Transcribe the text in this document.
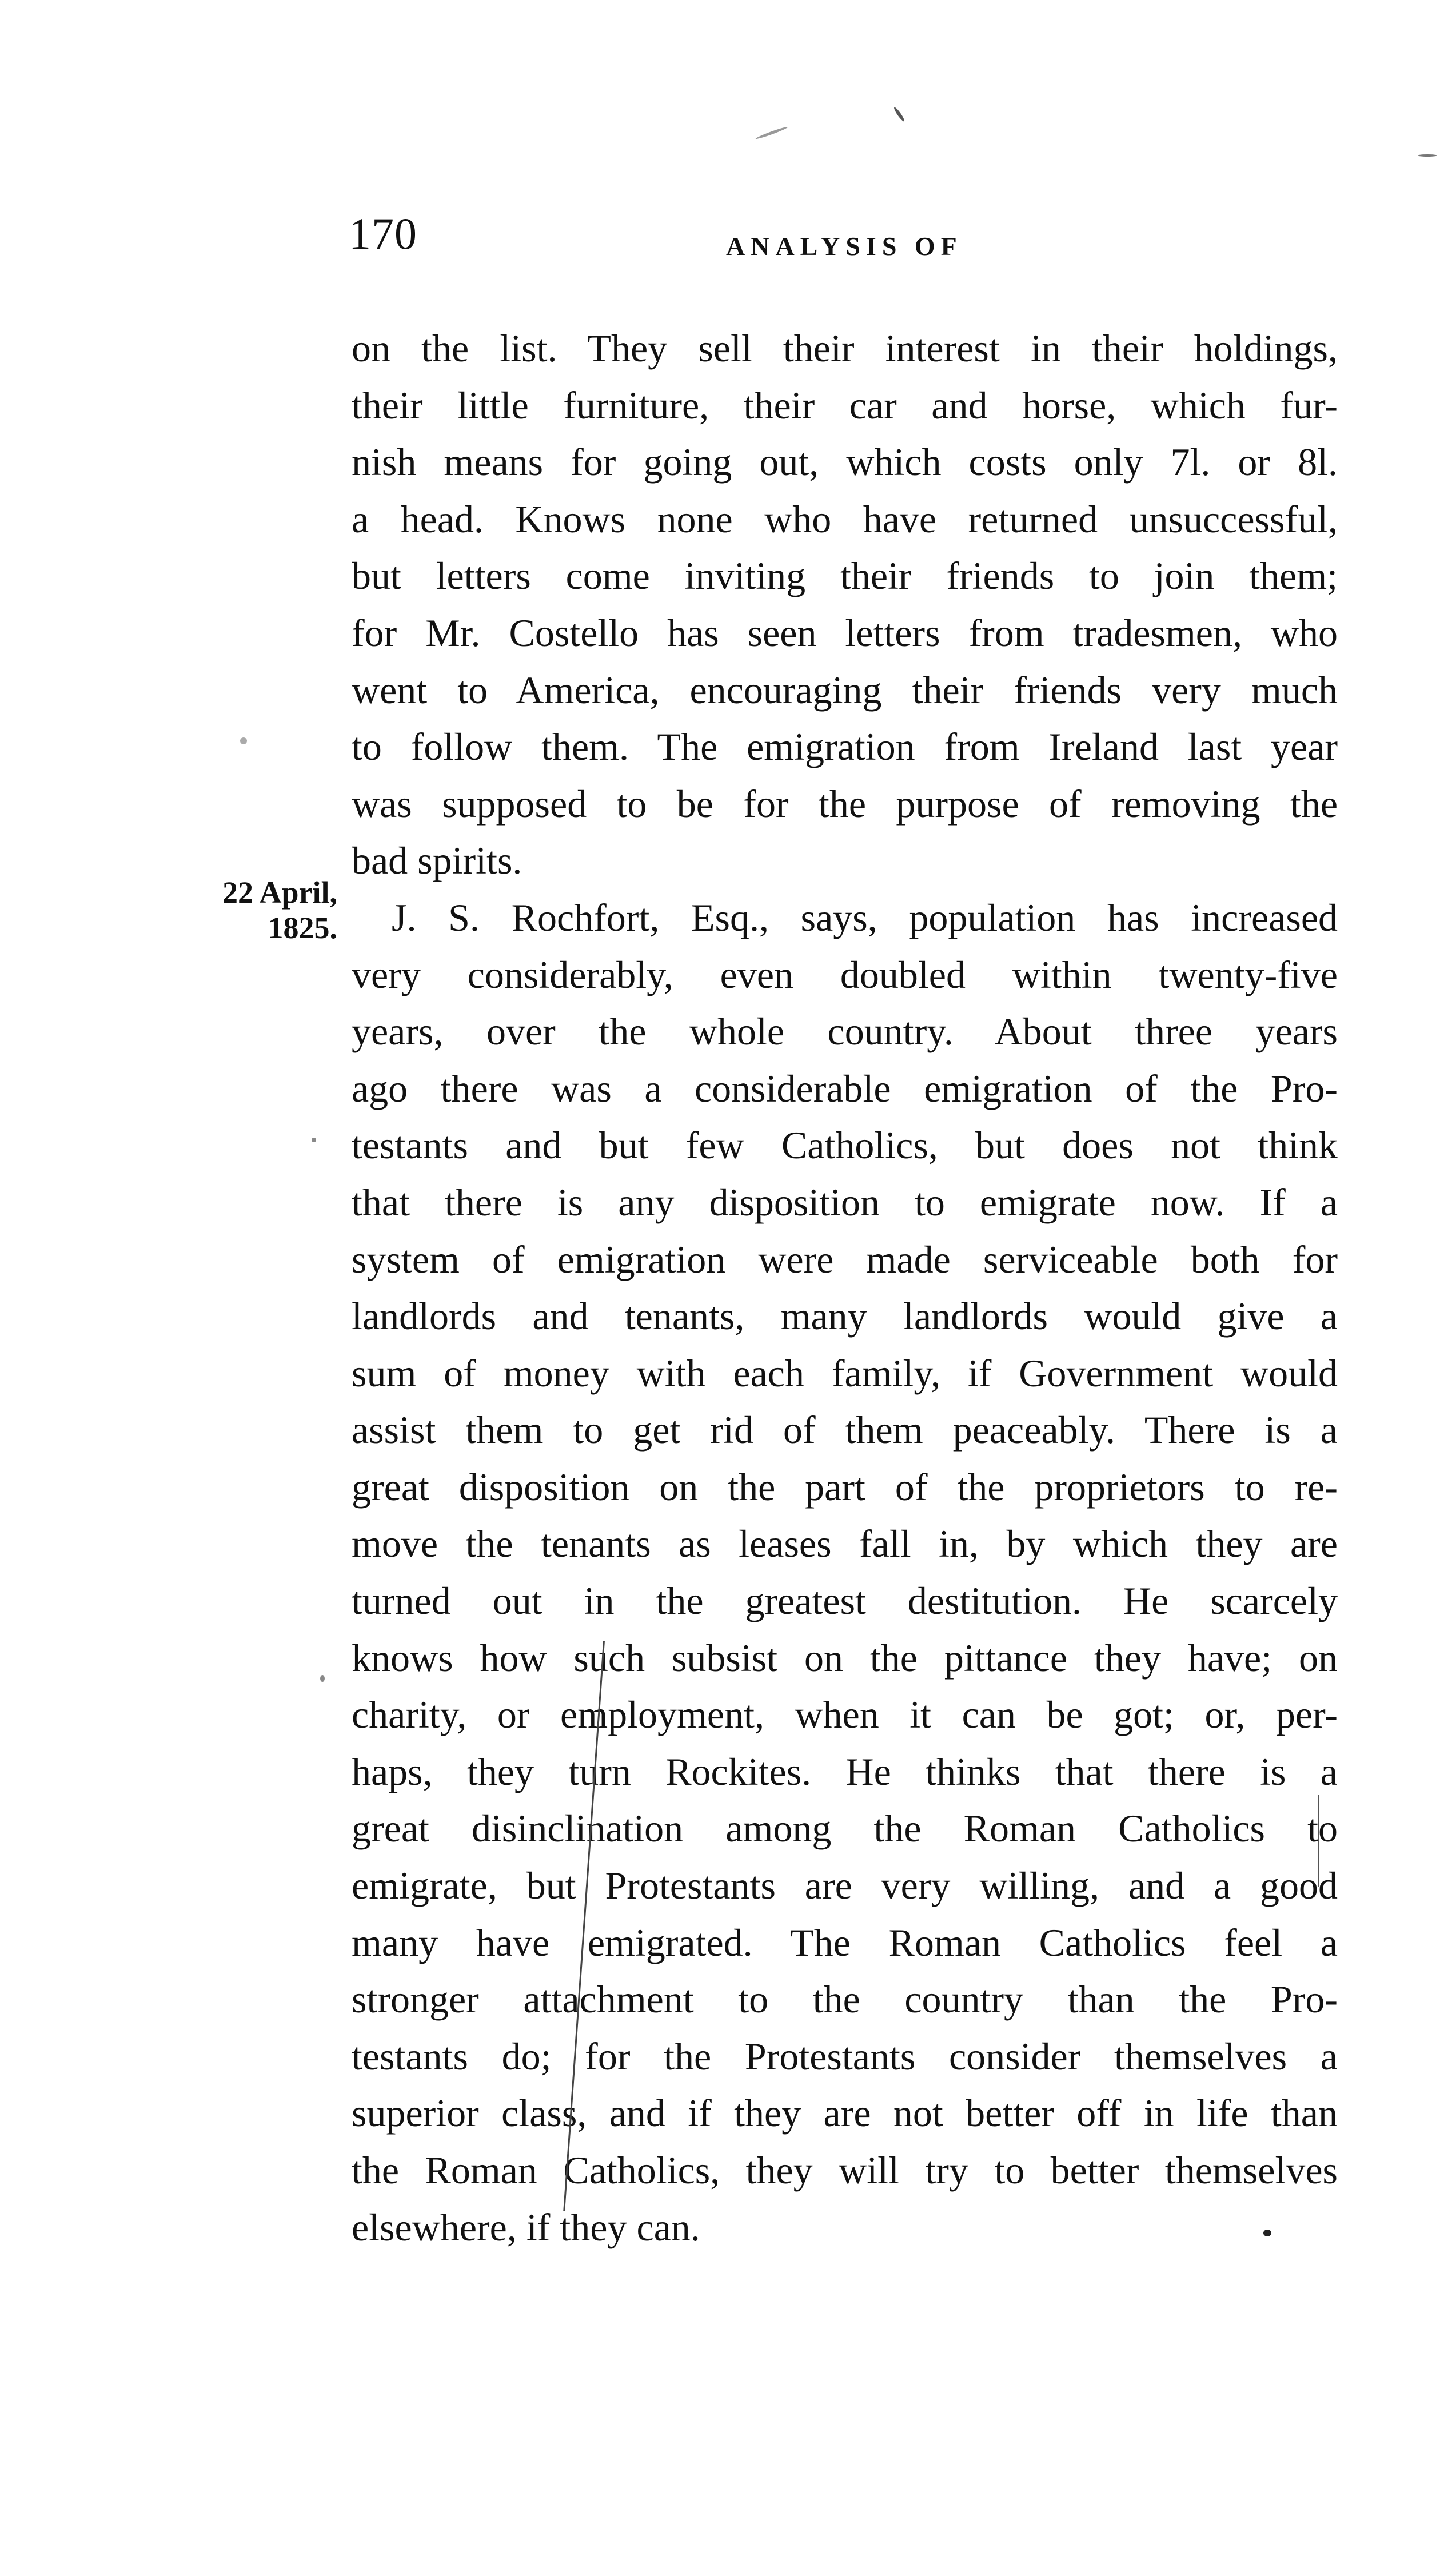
170	ANALYSIS OF
22 April,
1825.
on the list. They sell their interest in their holdings,
their little furniture, their car and horse, which fur-
nish means for going out, which costs only 7l. or 8l.
a head. Knows none who have returned unsuccessful,
but letters come inviting their friends to join them;
for Mr. Costello has seen letters from tradesmen, who
went to America, encouraging their friends very much
to follow them. The emigration from Ireland last year
was supposed to be for the purpose of removing the
bad spirits.
J. S. Rochfort, Esq., says, population has increased
very considerably, even doubled within twenty-five
years, over the whole country. About three years
ago there was a considerable emigration of the Pro-
testants and but few Catholics, but does not think
that there is any disposition to emigrate now. If a
system of emigration were made serviceable both for
landlords and tenants, many landlords would give a
sum of money with each family, if Government would
assist them to get rid of them peaceably. There is a
great disposition on the part of the proprietors to re-
move the tenants as leases fall in, by which they are
turned out in the greatest destitution. He scarcely
knows how such subsist on the pittance they have; on
charity, or employment, when it can be got; or, per-
haps, they turn Rockites. He thinks that there is a
great disinclination among the Roman Catholics to
emigrate, but Protestants are very willing, and a good
many have emigrated. The Roman Catholics feel a
stronger attachment to the country than the Pro-
testants do; for the Protestants consider themselves a
superior class, and if they are not better off in life than
the Roman Catholics, they will try to better themselves
elsewhere, if they can.
